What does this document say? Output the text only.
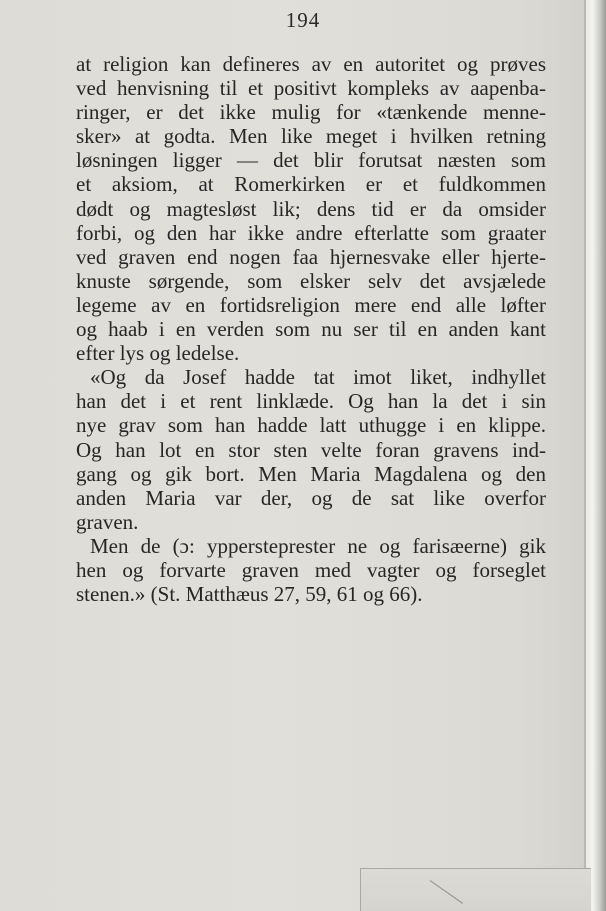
194
at religion kan defineres av en autoritet og prøves
ved henvisning til et positivt kompleks av aapenba-
ringer, er det ikke mulig for «tænkende menne-
sker» at godta. Men like meget i hvilken retning
løsningen ligger — det blir forutsat næsten som
et aksiom, at Romerkirken er et fuldkommen
dødt og magtesløst lik; dens tid er da omsider
forbi, og den har ikke andre efterlatte som graater
ved graven end nogen faa hjernesvake eller hjerte-
knuste sørgende, som elsker selv det avsjælede
legeme av en fortidsreligion mere end alle løfter
og haab i en verden som nu ser til en anden kant
efter lys og ledelse.
«Og da Josef hadde tat imot liket, indhyllet
han det i et rent linklæde. Og han la det i sin
nye grav som han hadde latt uthugge i en klippe.
Og han lot en stor sten velte foran gravens ind-
gang og gik bort. Men Maria Magdalena og den
anden Maria var der, og de sat like overfor
graven.
Men de (ɔ: yppersteprester ne og farisæerne) gik
hen og forvarte graven med vagter og forseglet
stenen.» (St. Matthæus 27, 59, 61 og 66).
